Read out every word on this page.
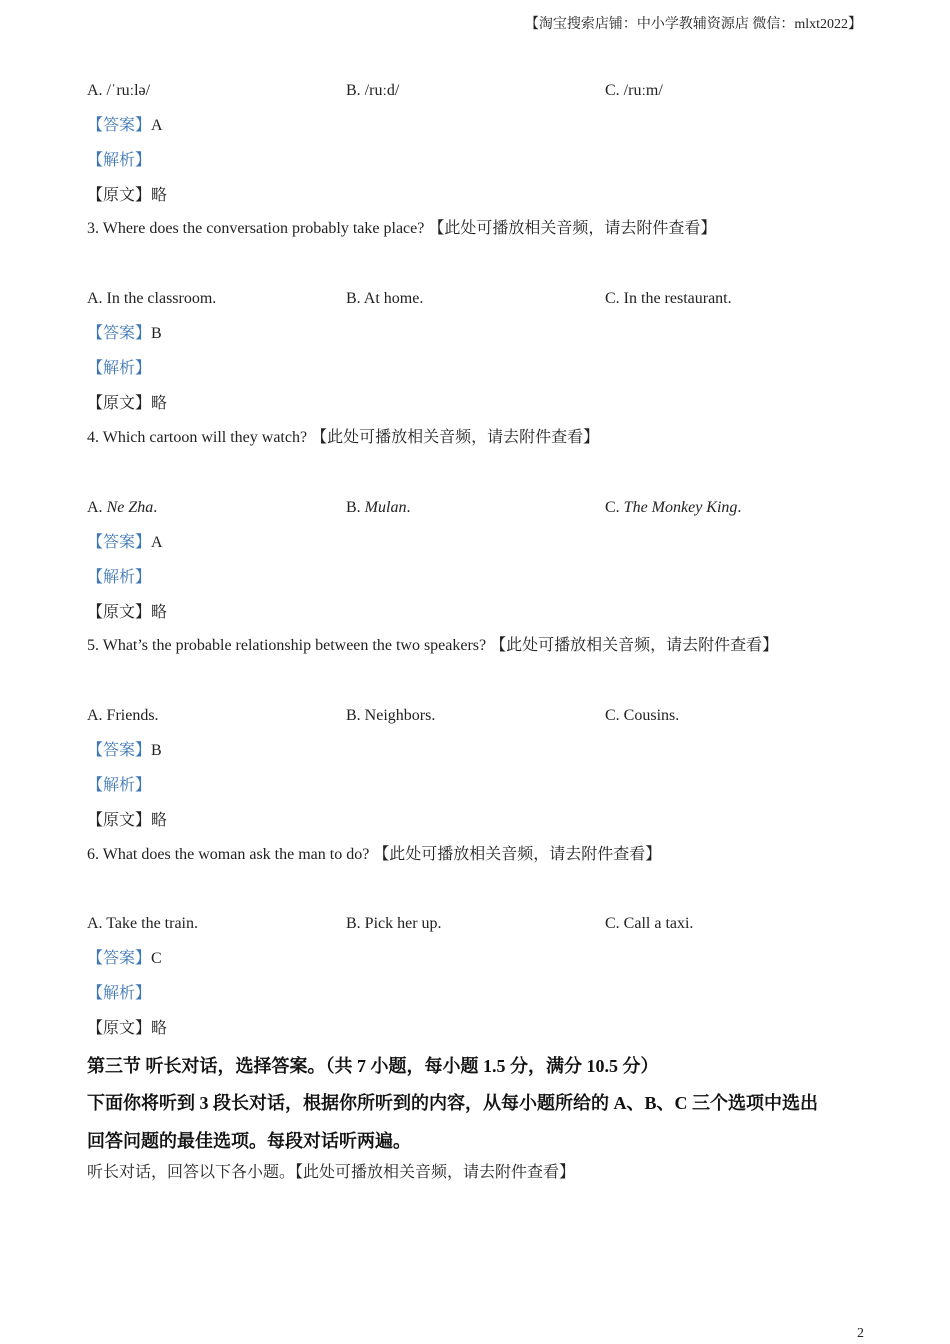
【淘宝搜索店铺：中小学教辅资源店 微信：mlxt2022】
A. /ˈruːlə/	B. /ruːd/	C. /ruːm/
【答案】A
【解析】
【原文】略
3. Where does the conversation probably take place? 【此处可播放相关音频，请去附件查看】
A. In the classroom.	B. At home.	C. In the restaurant.
【答案】B
【解析】
【原文】略
4. Which cartoon will they watch? 【此处可播放相关音频，请去附件查看】
A. Ne Zha.	B. Mulan.	C. The Monkey King.
【答案】A
【解析】
【原文】略
5. What’s the probable relationship between the two speakers? 【此处可播放相关音频，请去附件查看】
A. Friends.	B. Neighbors.	C. Cousins.
【答案】B
【解析】
【原文】略
6. What does the woman ask the man to do? 【此处可播放相关音频，请去附件查看】
A. Take the train.	B. Pick her up.	C. Call a taxi.
【答案】C
【解析】
【原文】略
第三节 听长对话，选择答案。（共 7 小题，每小题 1.5 分，满分 10.5 分）
下面你将听到 3 段长对话，根据你所听到的内容，从每小题所给的 A、B、C 三个选项中选出
回答问题的最佳选项。每段对话听两遍。
听长对话，回答以下各小题。【此处可播放相关音频，请去附件查看】
2
